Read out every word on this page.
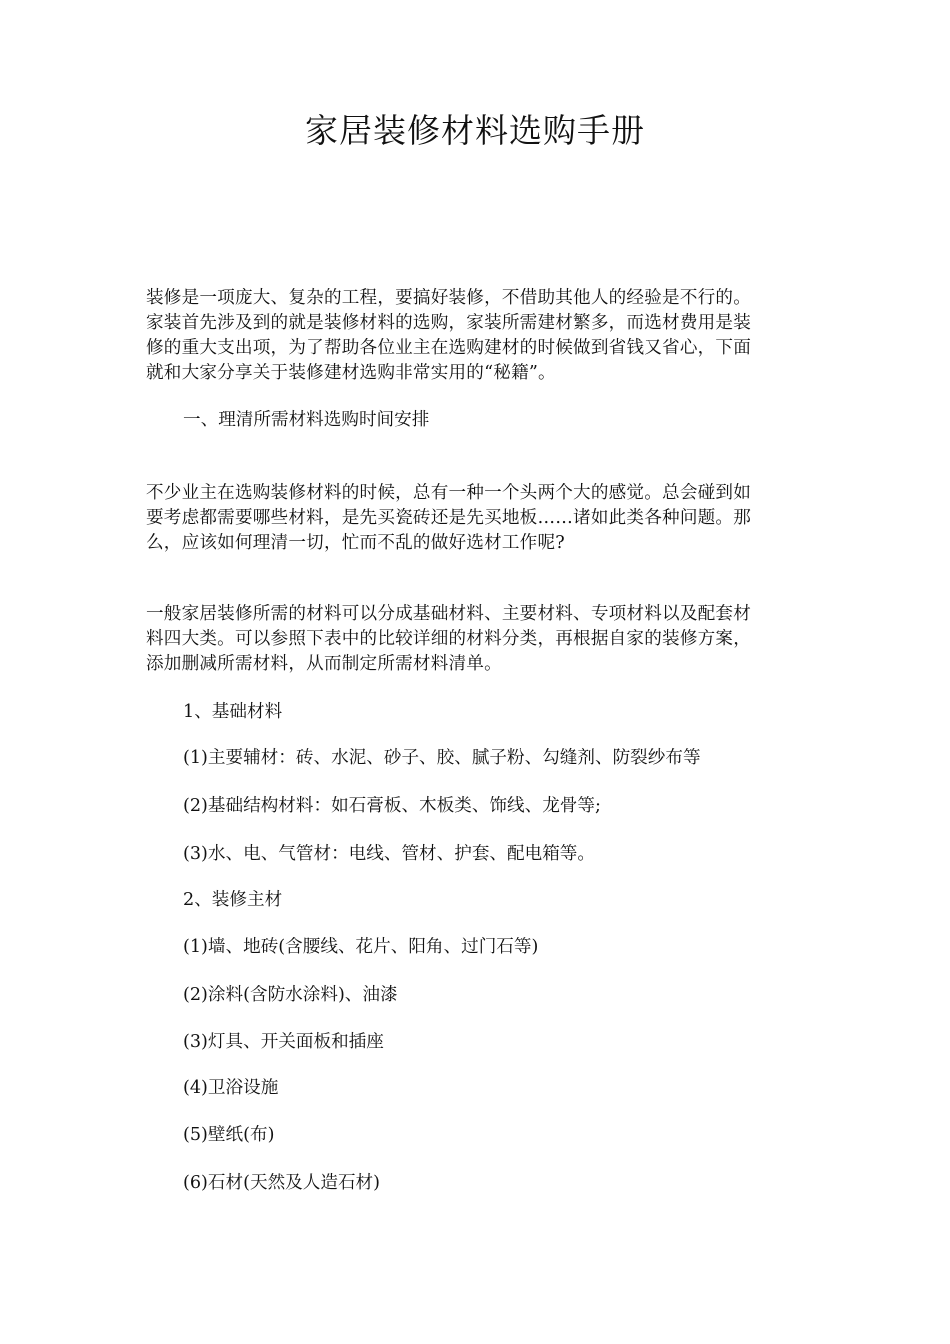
家居装修材料选购手册
装修是一项庞大、复杂的工程，要搞好装修，不借助其他人的经验是不行的。
家装首先涉及到的就是装修材料的选购，家装所需建材繁多，而选材费用是装
修的重大支出项，为了帮助各位业主在选购建材的时候做到省钱又省心，下面
就和大家分享关于装修建材选购非常实用的“秘籍”。
一、理清所需材料选购时间安排
不少业主在选购装修材料的时候，总有一种一个头两个大的感觉。总会碰到如
要考虑都需要哪些材料，是先买瓷砖还是先买地板……诸如此类各种问题。那
么，应该如何理清一切，忙而不乱的做好选材工作呢?
一般家居装修所需的材料可以分成基础材料、主要材料、专项材料以及配套材
料四大类。可以参照下表中的比较详细的材料分类，再根据自家的装修方案，
添加删减所需材料，从而制定所需材料清单。
1、基础材料
(1)主要辅材：砖、水泥、砂子、胶、腻子粉、勾缝剂、防裂纱布等
(2)基础结构材料：如石膏板、木板类、饰线、龙骨等;
(3)水、电、气管材：电线、管材、护套、配电箱等。
2、装修主材
(1)墙、地砖(含腰线、花片、阳角、过门石等)
(2)涂料(含防水涂料)、油漆
(3)灯具、开关面板和插座
(4)卫浴设施
(5)壁纸(布)
(6)石材(天然及人造石材)
